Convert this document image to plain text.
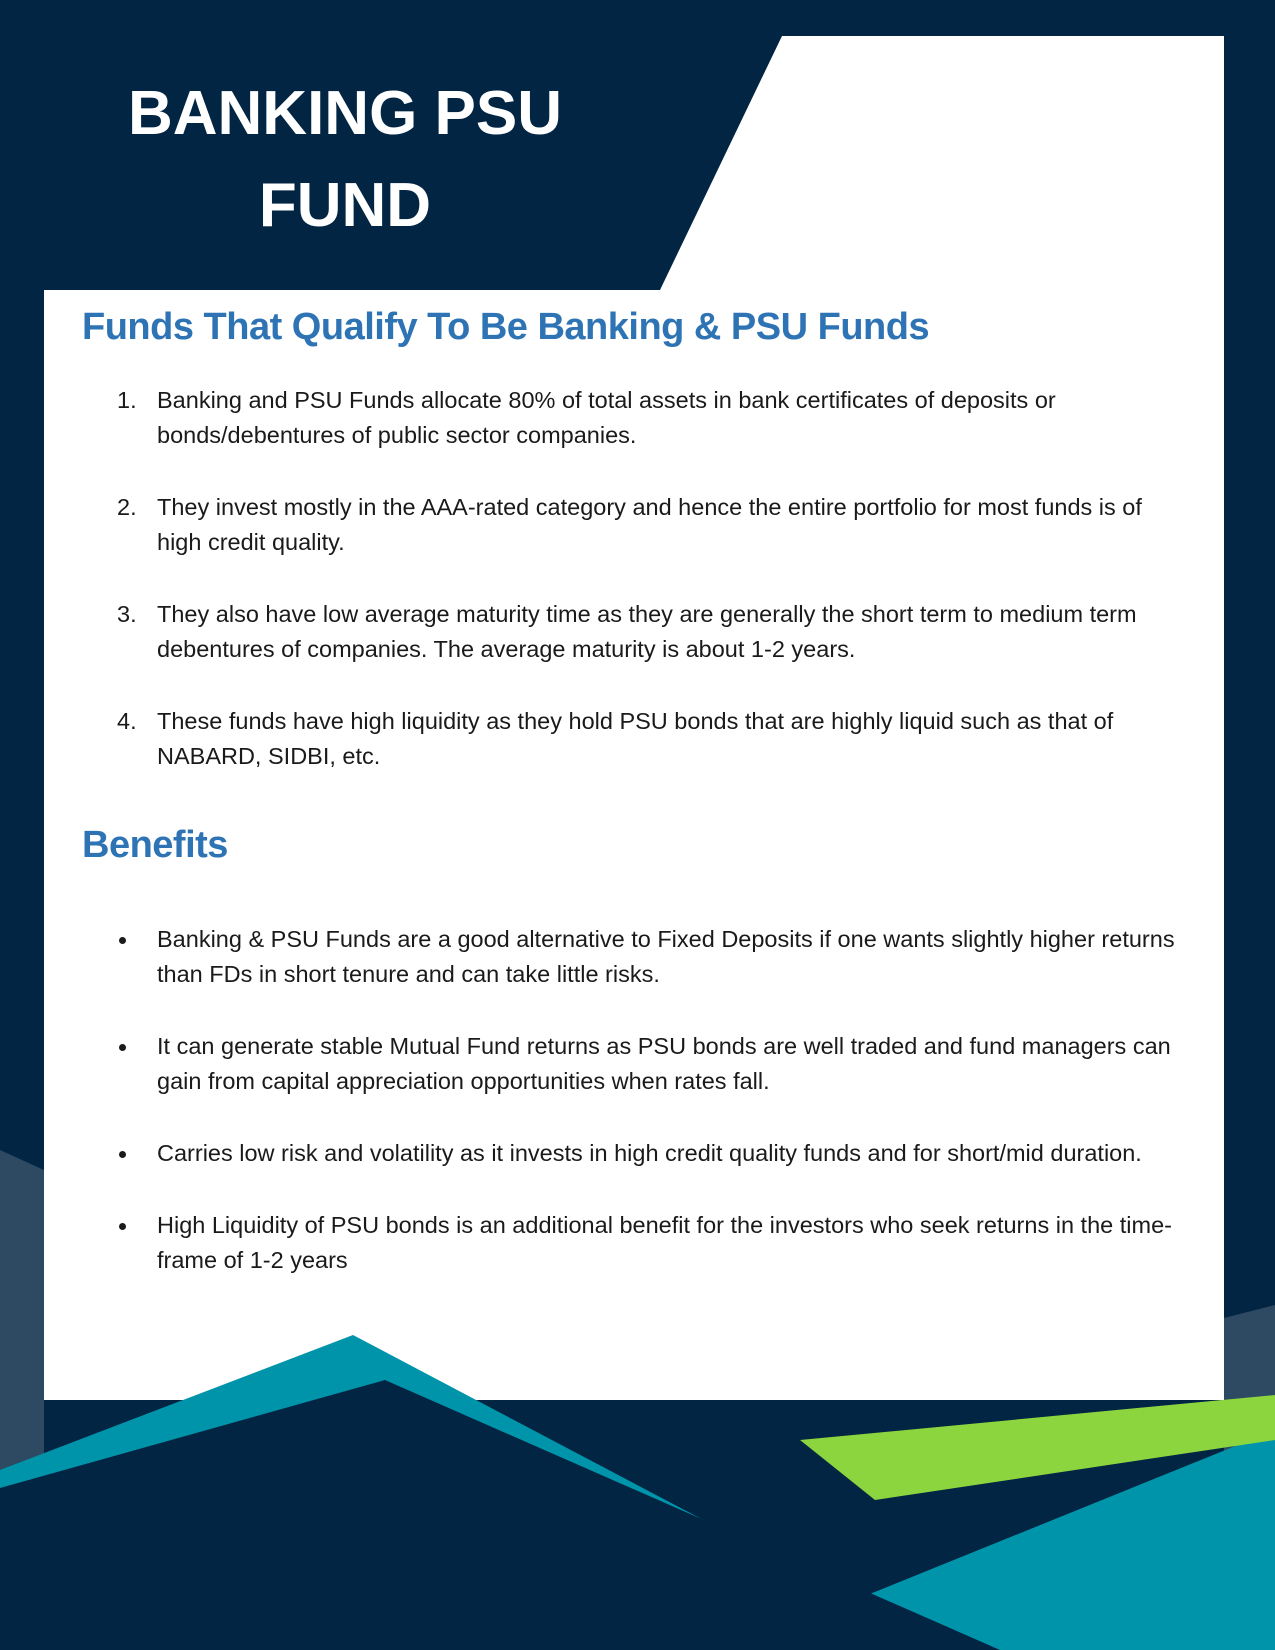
BANKING PSU
FUND
Funds That Qualify To Be Banking & PSU Funds
1. Banking and PSU Funds allocate 80% of total assets in bank certificates of deposits or bonds/debentures of public sector companies.
2. They invest mostly in the AAA-rated category and hence the entire portfolio for most funds is of high credit quality.
3. They also have low average maturity time as they are generally the short term to medium term debentures of companies. The average maturity is about 1-2 years.
4. These funds have high liquidity as they hold PSU bonds that are highly liquid such as that of NABARD, SIDBI, etc.
Benefits
Banking & PSU Funds are a good alternative to Fixed Deposits if one wants slightly higher returns than FDs in short tenure and can take little risks.
It can generate stable Mutual Fund returns as PSU bonds are well traded and fund managers can gain from capital appreciation opportunities when rates fall.
Carries low risk and volatility as it invests in high credit quality funds and for short/mid duration.
High Liquidity of PSU bonds is an additional benefit for the investors who seek returns in the time-frame of 1-2 years
